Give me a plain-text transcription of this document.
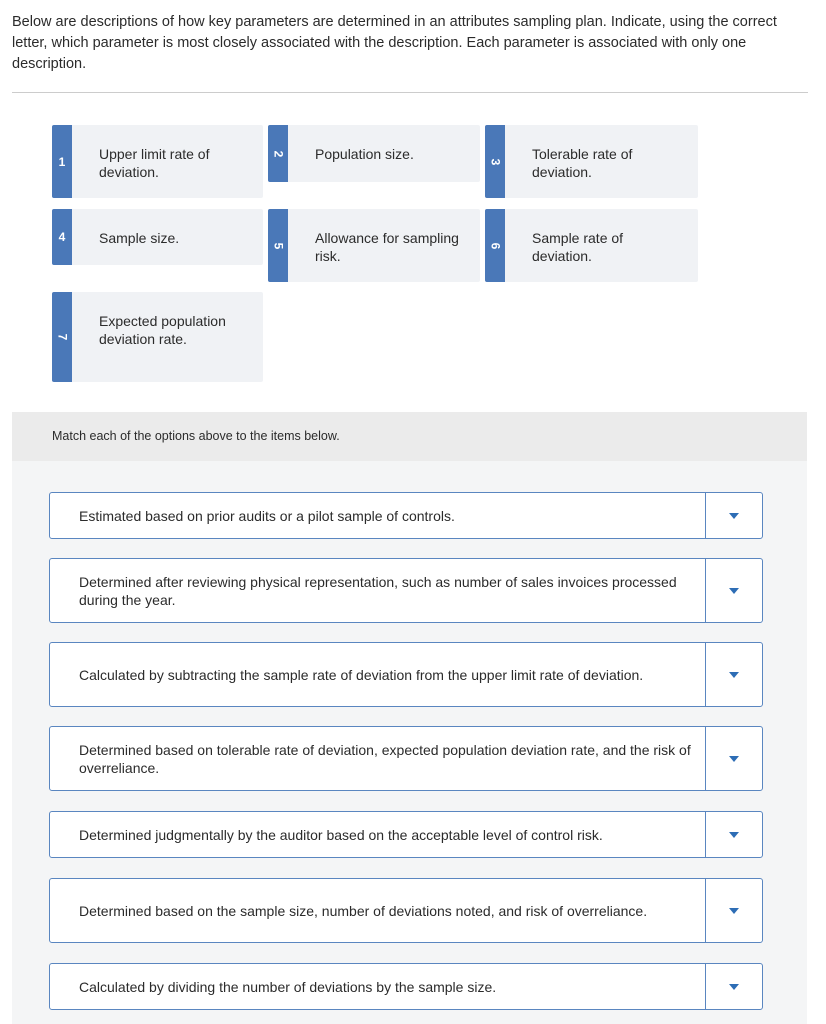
Below are descriptions of how key parameters are determined in an attributes sampling plan. Indicate, using the correct letter, which parameter is most closely associated with the description. Each parameter is associated with only one description.

1 Upper limit rate of deviation.
2 Population size.	3 Tolerable rate of deviation.
4 Sample size.	5 Allowance for sampling risk.
6 Sample rate of deviation.
7
Expected population deviation rate.
Match each of the options above to the items below.
Estimated based on prior audits or a pilot sample of controls.
Determined after reviewing physical representation, such as number of sales invoices processed during the year.
Calculated by subtracting the sample rate of deviation from the upper limit rate of deviation.
Determined based on tolerable rate of deviation, expected population deviation rate, and the risk of overreliance.
Determined judgmentally by the auditor based on the acceptable level of control risk.
Determined based on the sample size, number of deviations noted, and risk of overreliance.
Calculated by dividing the number of deviations by the sample size.
